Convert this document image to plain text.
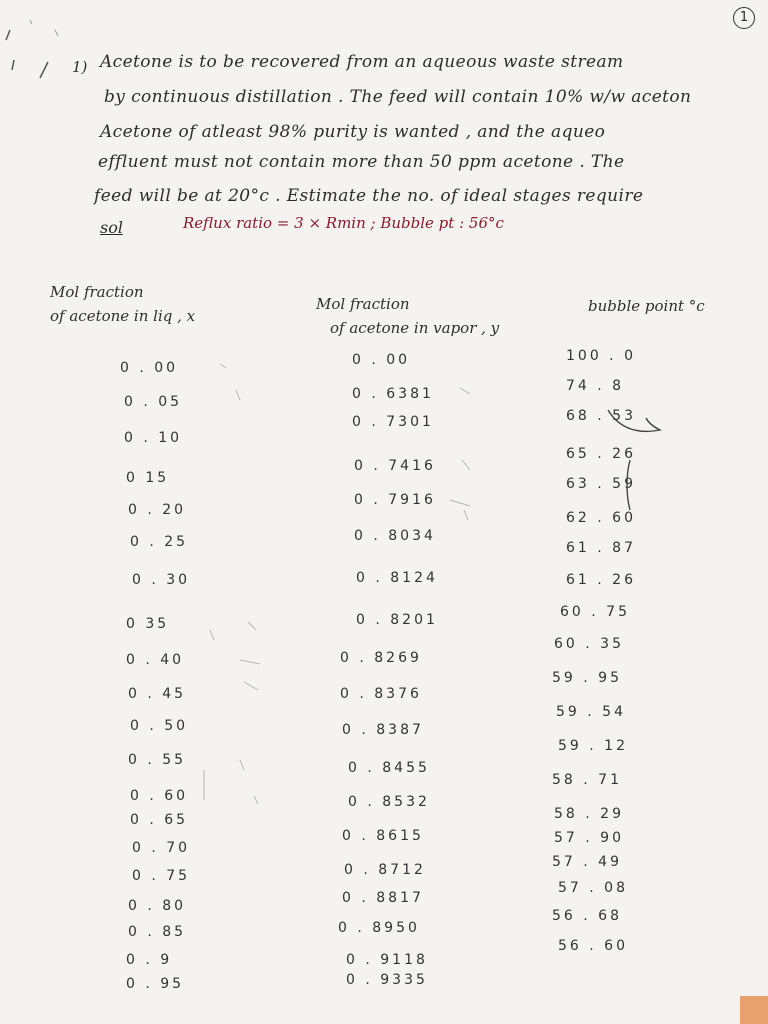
1
1) Acetone is to be recovered from an aqueous waste stream
by continuous distillation . The feed will contain 10% w/w aceton
Acetone of atleast 98% purity is wanted , and the aqueo
effluent must not contain more than 50 ppm acetone . The
feed will be at 20°c . Estimate the no. of ideal stages require
sol	Reflux ratio = 3 × Rmin ; Bubble pt : 56°c
Mol fraction
of acetone in liq , x
Mol fraction
of acetone in vapor , y
bubble point °c
0 . 00
0 . 05
0 . 10
0 15
0 . 20
0 . 25
0 . 30
0 35
0 . 40
0 . 45
0 . 50
0 . 55
0 . 60
0 . 65
0 . 70
0 . 75
0 . 80
0 . 85
0 . 9
0 . 95
0 . 00
0 . 6381
0 . 7301
0 . 7416
0 . 7916
0 . 8034
0 . 8124
0 . 8201
0 . 8269
0 . 8376
0 . 8387
0 . 8455
0 . 8532
0 . 8615
0 . 8712
0 . 8817
0 . 8950
0 . 9118
0 . 9335
100 . 0
74 . 8
68 . 53
65 . 26
63 . 59
62 . 60
61 . 87
61 . 26
60 . 75
60 . 35
59 . 95
59 . 54
59 . 12
58 . 71
58 . 29
57 . 90
57 . 49
57 . 08
56 . 68
56 . 60
